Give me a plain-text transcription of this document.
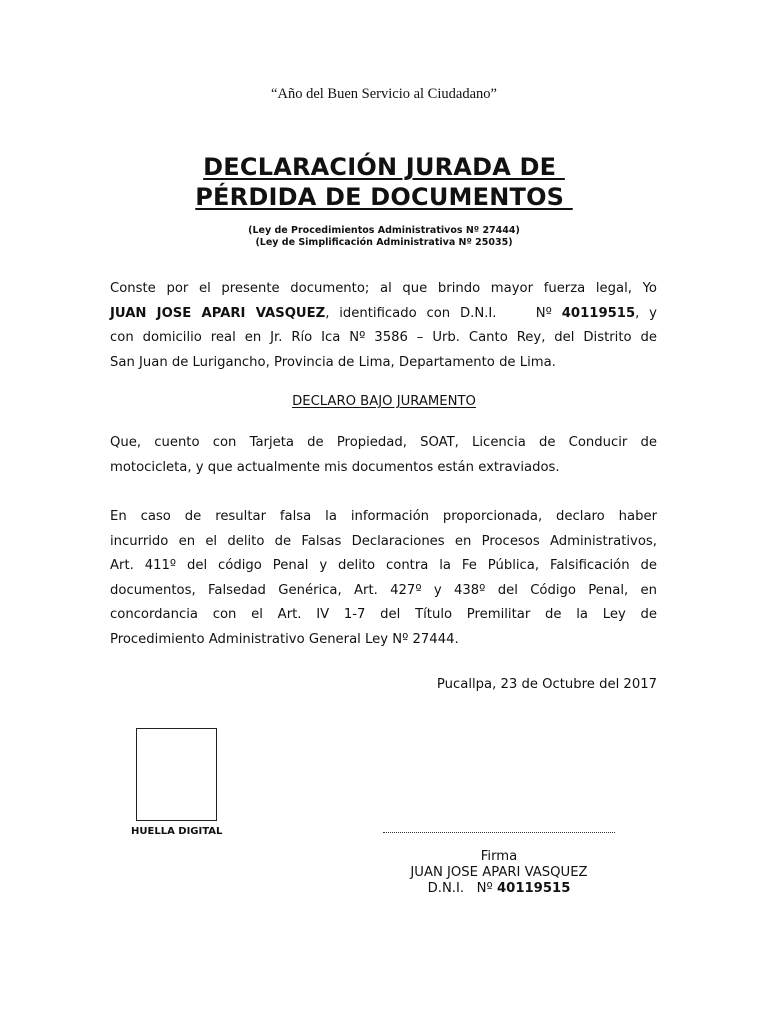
“Año del Buen Servicio al Ciudadano”
DECLARACIÓN JURADA DE
PÉRDIDA DE DOCUMENTOS
(Ley de Procedimientos Administrativos Nº 27444)
(Ley de Simplificación Administrativa Nº 25035)
Conste por el presente documento; al que brindo mayor fuerza legal, Yo
JUAN JOSE APARI VASQUEZ, identificado con D.N.I.	Nº 40119515, y
con domicilio real en Jr. Río Ica Nº 3586 – Urb. Canto Rey, del Distrito de
San Juan de Lurigancho, Provincia de Lima, Departamento de Lima.
DECLARO BAJO JURAMENTO
Que, cuento con Tarjeta de Propiedad, SOAT, Licencia de Conducir de
motocicleta, y que actualmente mis documentos están extraviados.
En caso de resultar falsa la información proporcionada, declaro haber
incurrido en el delito de Falsas Declaraciones en Procesos Administrativos,
Art. 411º del código Penal y delito contra la Fe Pública, Falsificación de
documentos, Falsedad Genérica, Art. 427º y 438º del Código Penal, en
concordancia con el Art. IV 1-7 del Título Premilitar de la Ley de
Procedimiento Administrativo General Ley Nº 27444.
Pucallpa, 23 de Octubre del 2017
HUELLA DIGITAL
Firma
JUAN JOSE APARI VASQUEZ
D.N.I. Nº 40119515
